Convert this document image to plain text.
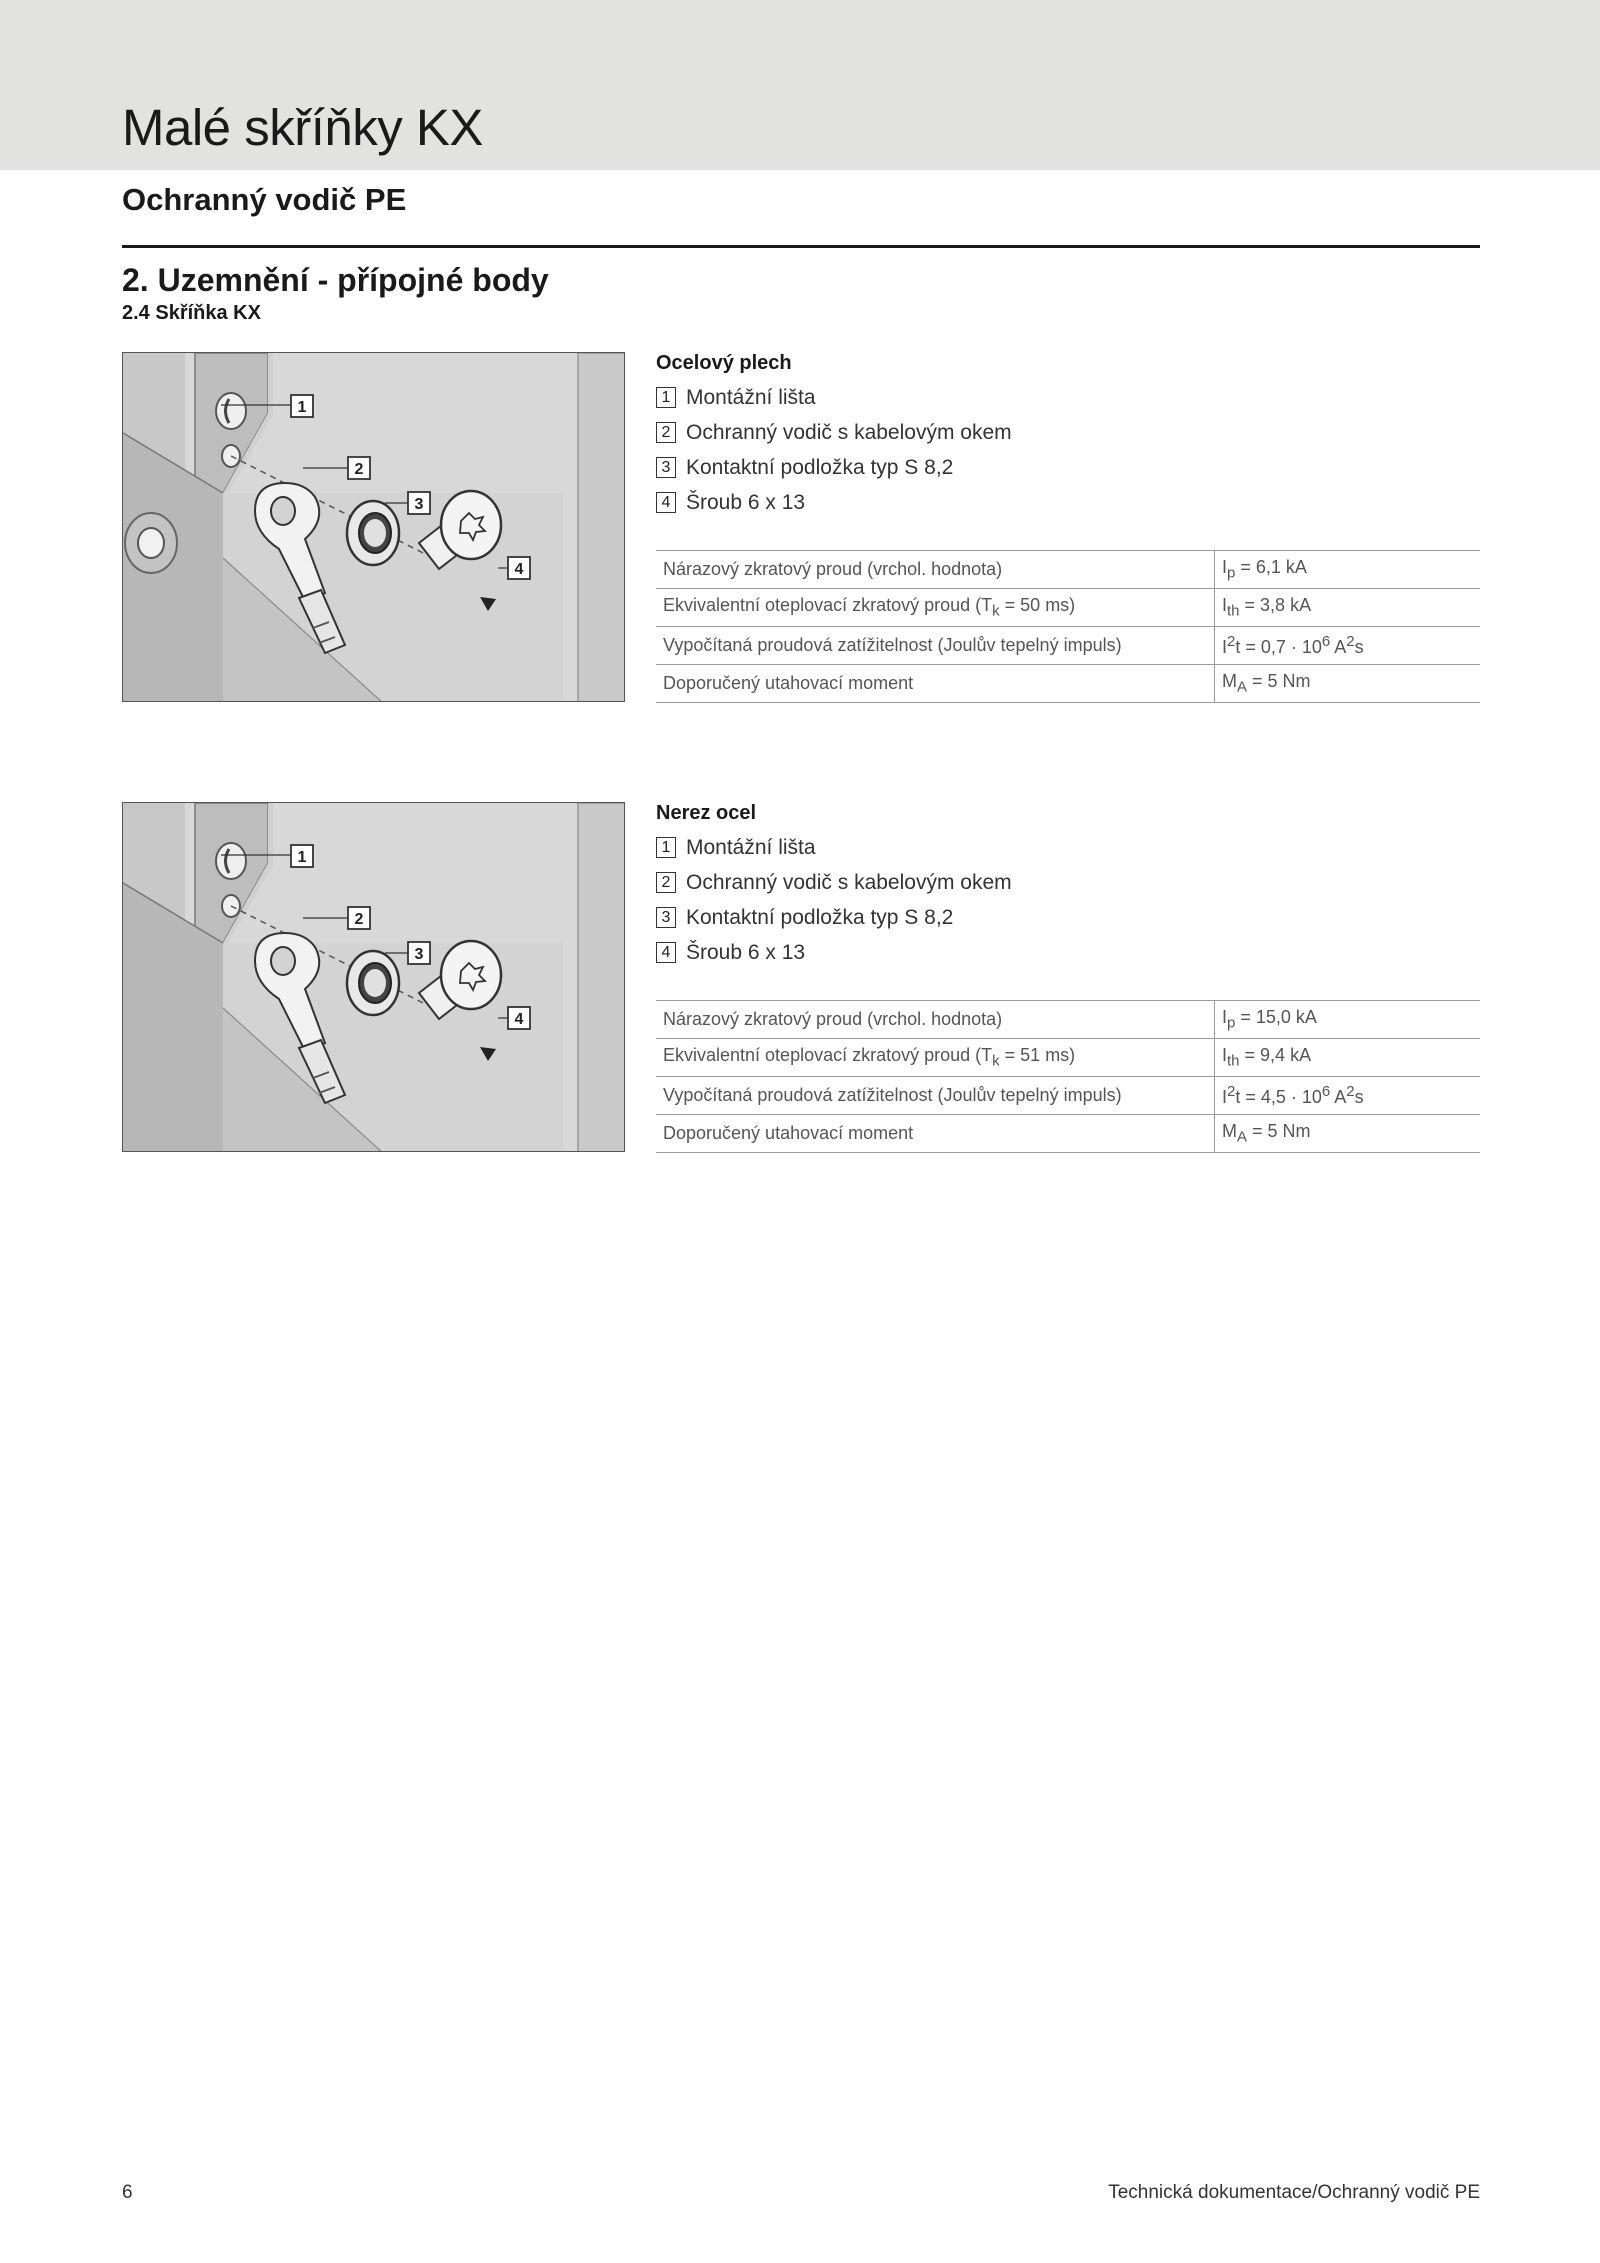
Malé skříňky KX
Ochranný vodič PE
2. Uzemnění - přípojné body
2.4 Skříňka KX
1
2
3
4
Ocelový plech
1 Montážní lišta
2 Ochranný vodič s kabelovým okem
3 Kontaktní podložka typ S 8,2
4 Šroub 6 x 13
Nárazový zkratový proud (vrchol. hodnota)	$I_p = 6,1$ kA
Ekvivalentní oteplovací zkratový proud ($T_k = 50$ ms)	$I_{th} = 3,8$ kA
Vypočítaná proudová zatížitelnost (Joulův tepelný impuls)	$I^2t = 0,7 \cdot 10^6$ $A^2s$
Doporučený utahovací moment	$M_A = 5$ Nm
1
2
3
4
Nerez ocel
1 Montážní lišta
2 Ochranný vodič s kabelovým okem
3 Kontaktní podložka typ S 8,2
4 Šroub 6 x 13
Nárazový zkratový proud (vrchol. hodnota)	$I_p = 15,0$ kA
Ekvivalentní oteplovací zkratový proud ($T_k = 51$ ms)	$I_{th} = 9,4$ kA
Vypočítaná proudová zatížitelnost (Joulův tepelný impuls)	$I^2t = 4,5 \cdot 10^6$ $A^2s$
Doporučený utahovací moment	$M_A = 5$ Nm
6	Technická dokumentace/Ochranný vodič PE
